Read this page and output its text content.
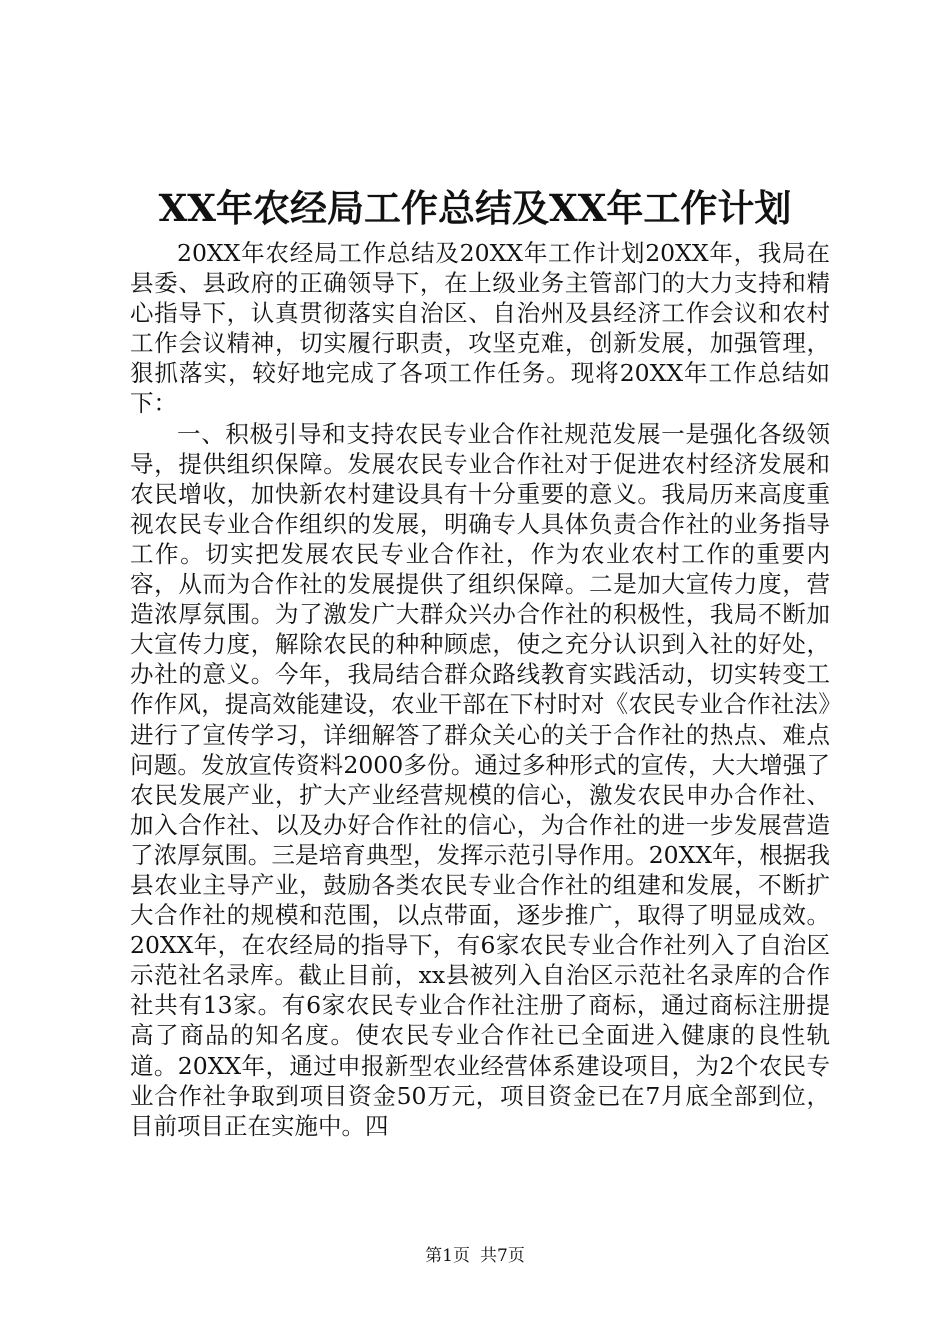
XX年农经局工作总结及XX年工作计划

20XX年农经局工作总结及20XX年工作计划20XX年，我局在县委、县政府的正确领导下，在上级业务主管部门的大力支持和精心指导下，认真贯彻落实自治区、自治州及县经济工作会议和农村工作会议精神，切实履行职责，攻坚克难，创新发展，加强管理，狠抓落实，较好地完成了各项工作任务。现将20XX年工作总结如下：

一、积极引导和支持农民专业合作社规范发展一是强化各级领导，提供组织保障。发展农民专业合作社对于促进农村经济发展和农民增收，加快新农村建设具有十分重要的意义。我局历来高度重视农民专业合作组织的发展，明确专人具体负责合作社的业务指导工作。切实把发展农民专业合作社，作为农业农村工作的重要内容，从而为合作社的发展提供了组织保障。二是加大宣传力度，营造浓厚氛围。为了激发广大群众兴办合作社的积极性，我局不断加大宣传力度，解除农民的种种顾虑，使之充分认识到入社的好处，办社的意义。今年，我局结合群众路线教育实践活动，切实转变工作作风，提高效能建设，农业干部在下村时对《农民专业合作社法》进行了宣传学习，详细解答了群众关心的关于合作社的热点、难点问题。发放宣传资料2000多份。通过多种形式的宣传，大大增强了农民发展产业，扩大产业经营规模的信心，激发农民申办合作社、加入合作社、以及办好合作社的信心，为合作社的进一步发展营造了浓厚氛围。三是培育典型，发挥示范引导作用。20XX年，根据我县农业主导产业，鼓励各类农民专业合作社的组建和发展，不断扩大合作社的规模和范围，以点带面，逐步推广，取得了明显成效。20XX年，在农经局的指导下，有6家农民专业合作社列入了自治区示范社名录库。截止目前，xx县被列入自治区示范社名录库的合作社共有13家。有6家农民专业合作社注册了商标，通过商标注册提高了商品的知名度。使农民专业合作社已全面进入健康的良性轨道。20XX年，通过申报新型农业经营体系建设项目，为2个农民专业合作社争取到项目资金50万元，项目资金已在7月底全部到位，目前项目正在实施中。四

第1页 共7页
